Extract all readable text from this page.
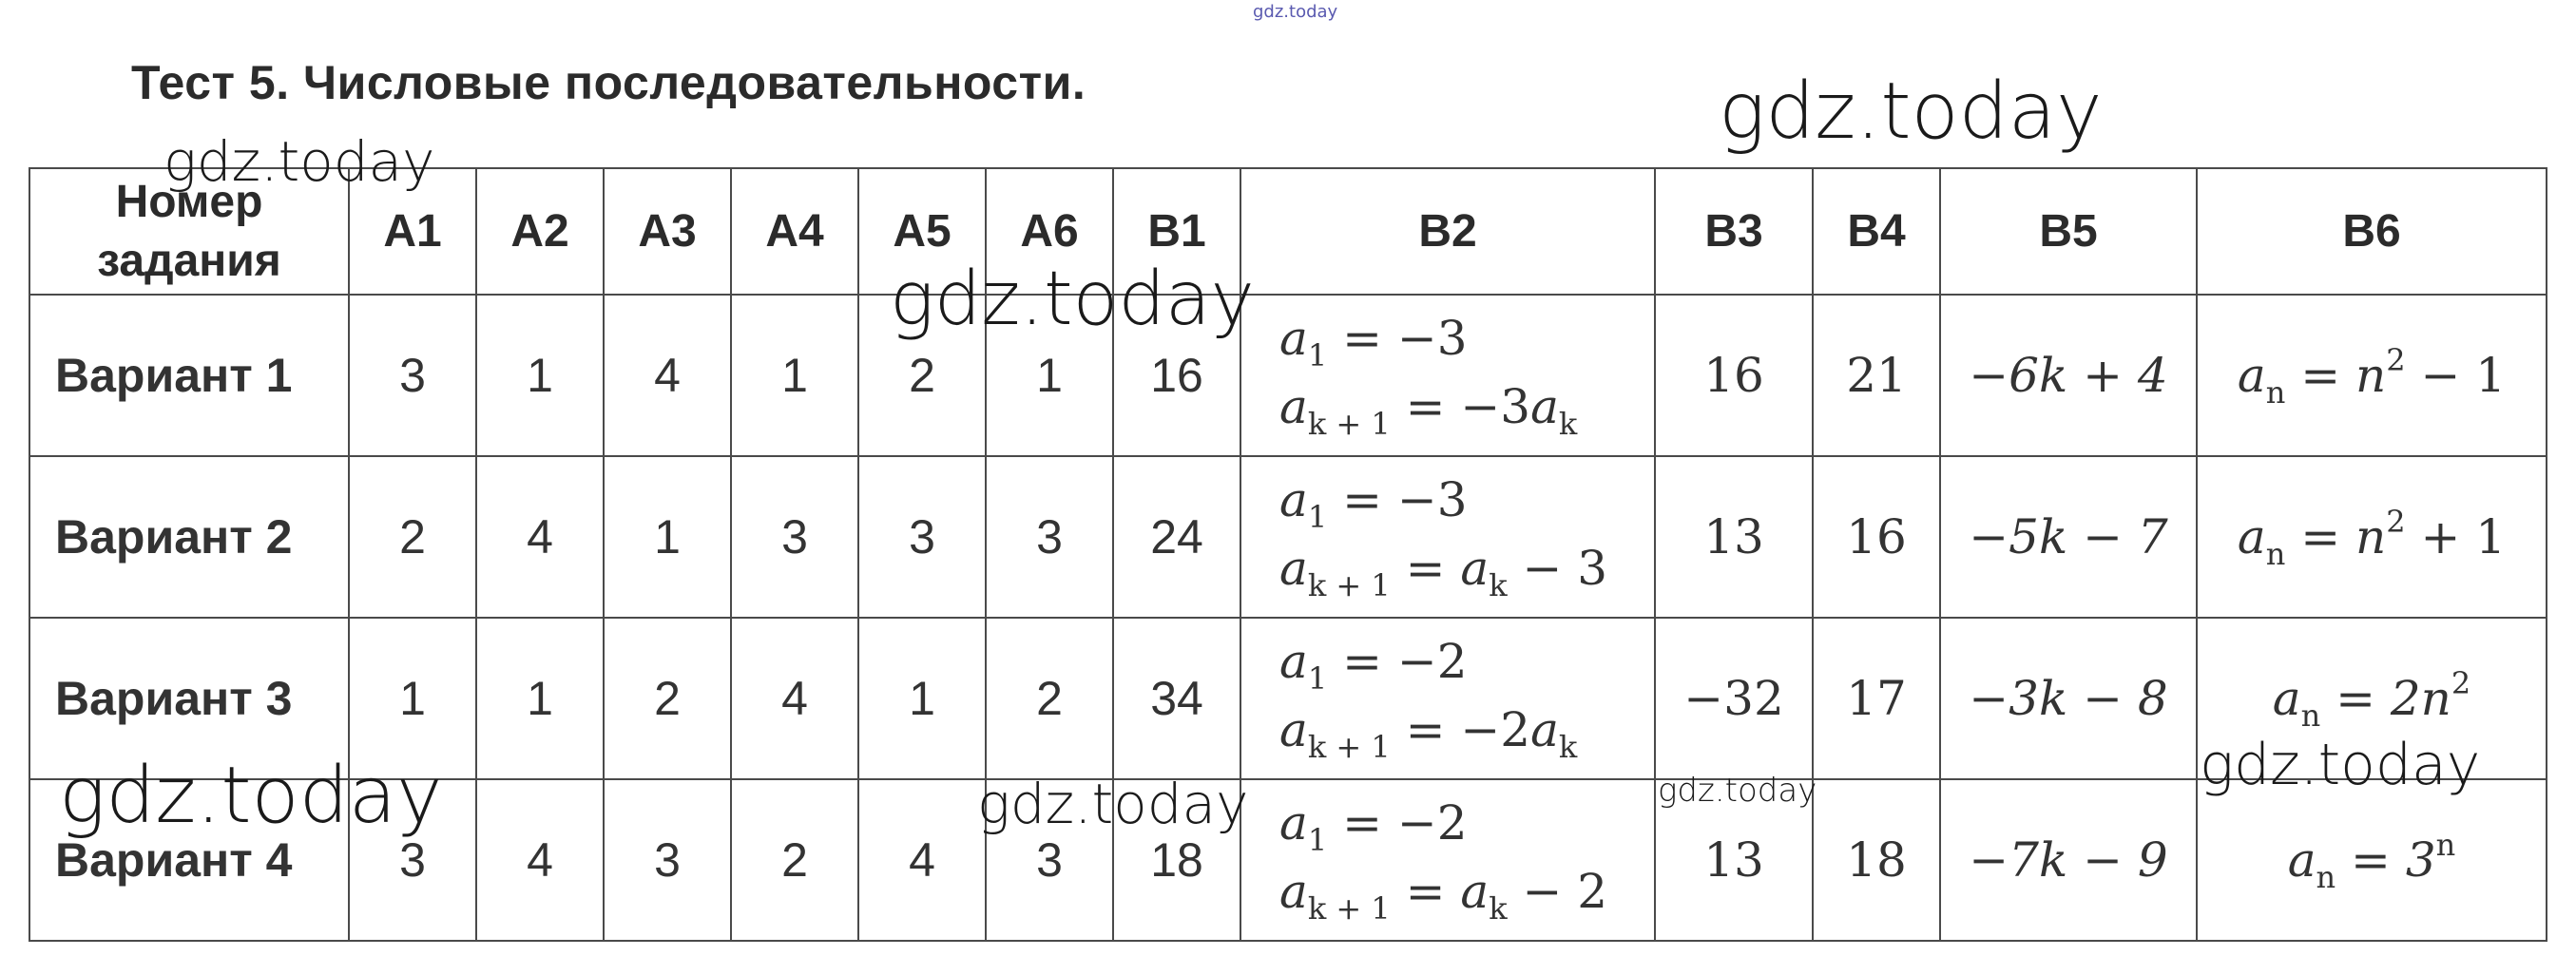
gdz.today
Тест 5. Числовые последовательности.
Номер
задания	А1	А2	А3	А4	А5	А6	В1	В2	В3	В4	В5	В6
Вариант 1	3	1	4	1	2	1	16	$a_1 = -3$
$a_{k + 1} = -3a_k$	16	21	−6k + 4	$a_n = n^2 - 1$
Вариант 2	2	4	1	3	3	3	24	$a_1 = -3$
$a_{k + 1} = a_k - 3$	13	16	−5k − 7	$a_n = n^2 + 1$
Вариант 3	1	1	2	4	1	2	34	$a_1 = -2$
$a_{k + 1} = -2a_k$	−32	17	−3k − 8	$a_n = 2n^2$
Вариант 4	3	4	3	2	4	3	18	$a_1 = -2$
$a_{k + 1} = a_k - 2$	13	18	−7k − 9	$a_n = 3^n$
gdz.today
gdz.today
gdz.today
gdz.today	gdz.today	gdz.today	gdz.today
